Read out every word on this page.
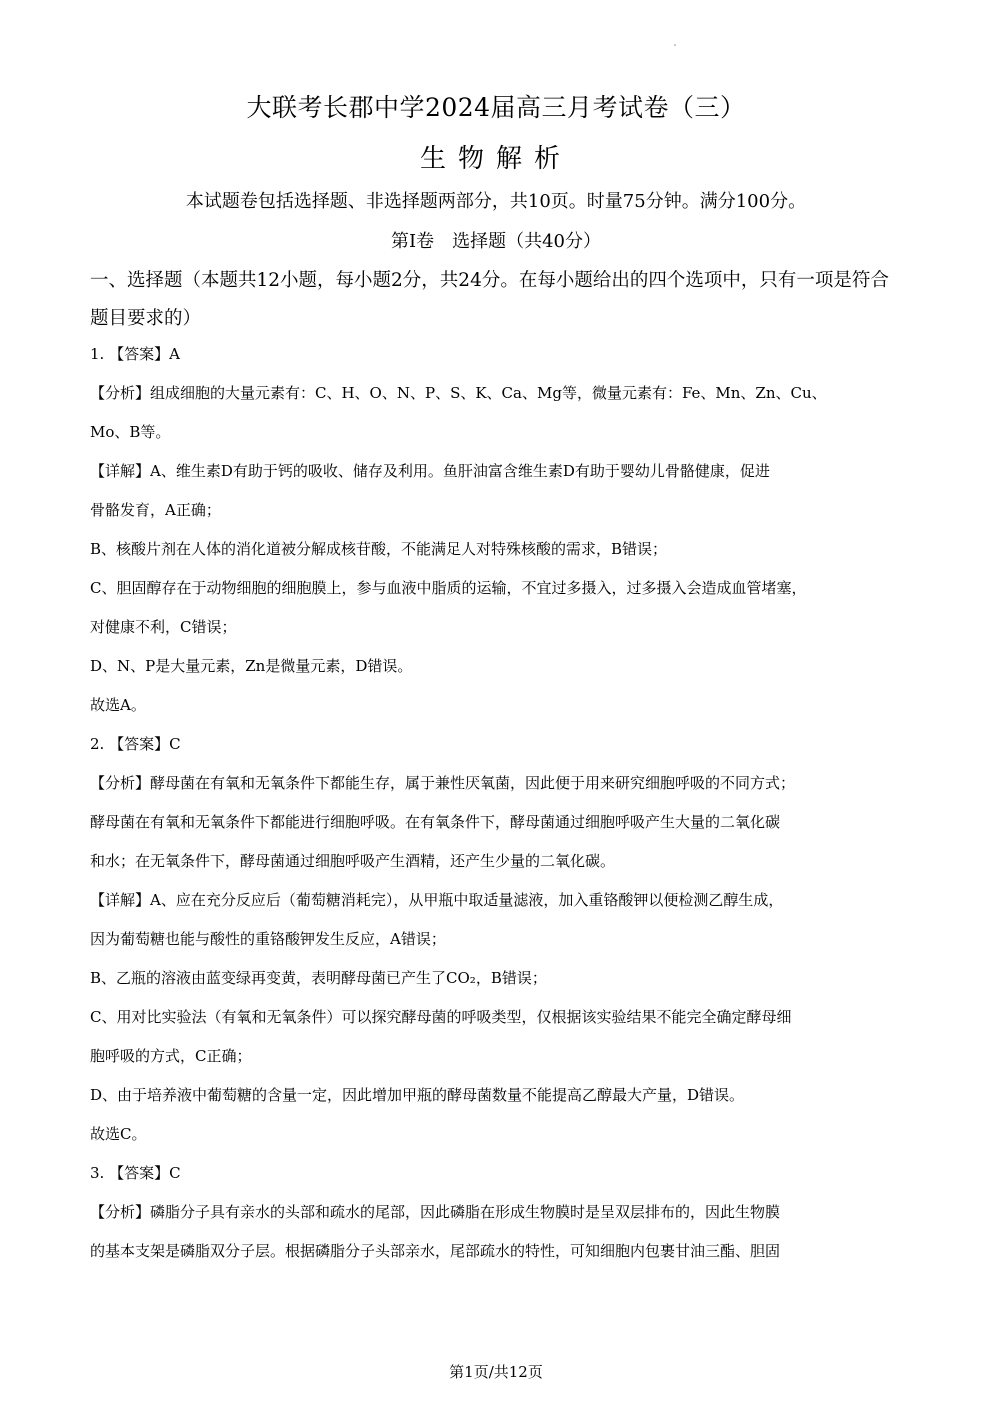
大联考长郡中学2024届高三月考试卷（三）
生物解析
本试题卷包括选择题、非选择题两部分，共10页。时量75分钟。满分100分。
第Ⅰ卷　选择题（共40分）
一、选择题（本题共12小题，每小题2分，共24分。在每小题给出的四个选项中，只有一项是符合题目要求的）
1. 【答案】A
【分析】组成细胞的大量元素有：C、H、O、N、P、S、K、Ca、Mg等，微量元素有：Fe、Mn、Zn、Cu、
Mo、B等。
【详解】A、维生素D有助于钙的吸收、储存及利用。鱼肝油富含维生素D有助于婴幼儿骨骼健康，促进
骨骼发育，A正确；
B、核酸片剂在人体的消化道被分解成核苷酸，不能满足人对特殊核酸的需求，B错误；
C、胆固醇存在于动物细胞的细胞膜上，参与血液中脂质的运输，不宜过多摄入，过多摄入会造成血管堵塞，
对健康不利，C错误；
D、N、P是大量元素，Zn是微量元素，D错误。
故选A。
2. 【答案】C
【分析】酵母菌在有氧和无氧条件下都能生存，属于兼性厌氧菌，因此便于用来研究细胞呼吸的不同方式；
酵母菌在有氧和无氧条件下都能进行细胞呼吸。在有氧条件下，酵母菌通过细胞呼吸产生大量的二氧化碳
和水；在无氧条件下，酵母菌通过细胞呼吸产生酒精，还产生少量的二氧化碳。
【详解】A、应在充分反应后（葡萄糖消耗完），从甲瓶中取适量滤液，加入重铬酸钾以便检测乙醇生成，
因为葡萄糖也能与酸性的重铬酸钾发生反应，A错误；
B、乙瓶的溶液由蓝变绿再变黄，表明酵母菌已产生了CO₂，B错误；
C、用对比实验法（有氧和无氧条件）可以探究酵母菌的呼吸类型，仅根据该实验结果不能完全确定酵母细
胞呼吸的方式，C正确；
D、由于培养液中葡萄糖的含量一定，因此增加甲瓶的酵母菌数量不能提高乙醇最大产量，D错误。
故选C。
3. 【答案】C
【分析】磷脂分子具有亲水的头部和疏水的尾部，因此磷脂在形成生物膜时是呈双层排布的，因此生物膜
的基本支架是磷脂双分子层。根据磷脂分子头部亲水，尾部疏水的特性，可知细胞内包裹甘油三酯、胆固
第1页/共12页
